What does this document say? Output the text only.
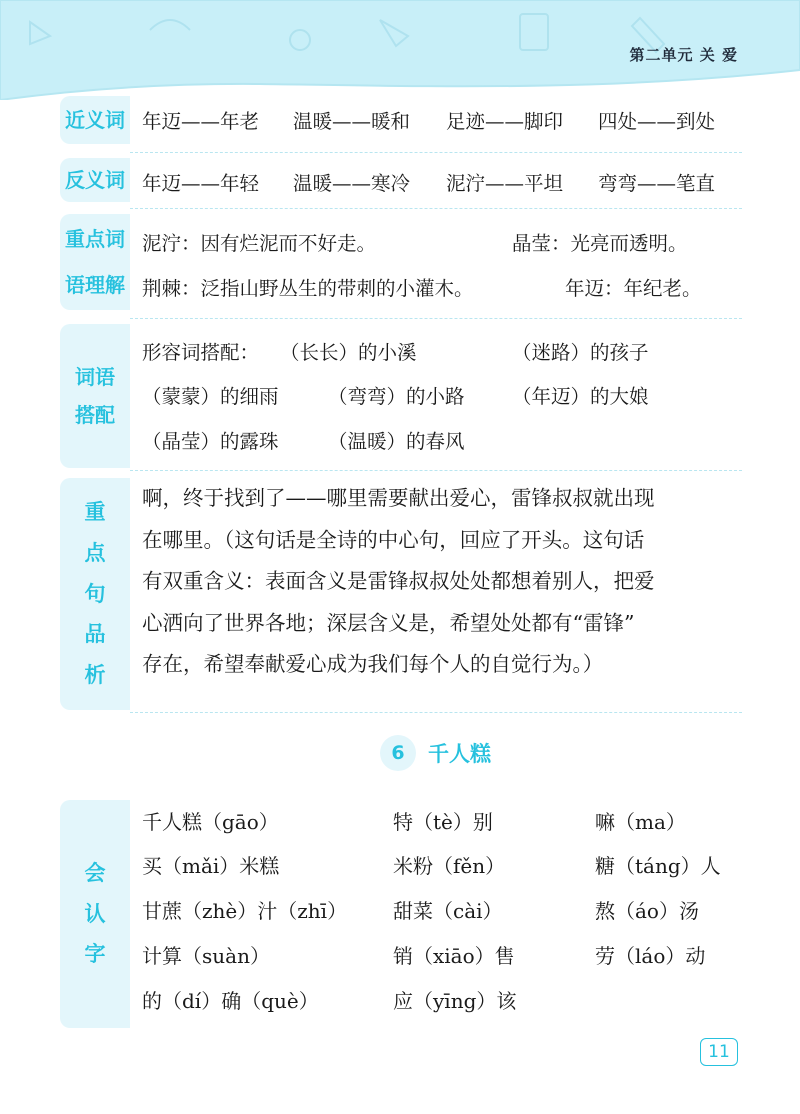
第二单元 关 爱
近义词 年迈——年老 温暖——暖和 足迹——脚印 四处——到处
反义词 年迈——年轻 温暖——寒冷 泥泞——平坦 弯弯——笔直
重点词
语理解
泥泞：因有烂泥而不好走。	晶莹：光亮而透明。
荆棘：泛指山野丛生的带刺的小灌木。	年迈：年纪老。
词语
搭配
形容词搭配： （长长）的小溪	（迷路）的孩子
（蒙蒙）的细雨	（弯弯）的小路 （年迈）的大娘
（晶莹）的露珠	（温暖）的春风
重
点
句
品
析
啊，终于找到了——哪里需要献出爱心，雷锋叔叔就出现
在哪里。（这句话是全诗的中心句，回应了开头。这句话
有双重含义：表面含义是雷锋叔叔处处都想着别人，把爱
心洒向了世界各地；深层含义是，希望处处都有“雷锋”
存在，希望奉献爱心成为我们每个人的自觉行为。）
6	千人糕
会
认
字
千人糕（gāo）	特（tè）别	嘛（ma）
买（mǎi）米糕	米粉（fěn）	糖（táng）人
甘蔗（zhè）汁（zhī） 甜菜（cài）	熬（áo）汤
计算（suàn）	销（xiāo）售	劳（láo）动
的（dí）确（què）	应（yīng）该
11
